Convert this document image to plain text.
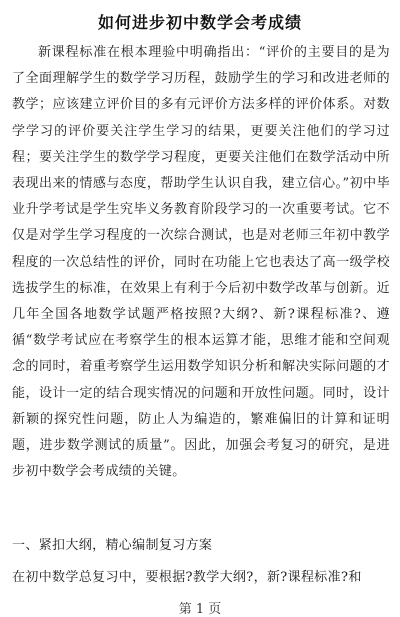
如何进步初中数学会考成绩

新课程标准在根本理验中明确指出：“评价的主要目的是为了全面理解学生的数学学习历程，鼓励学生的学习和改进老师的教学；应该建立评价目的多有元评价方法多样的评价体系。对数学学习的评价要关注学生学习的结果，更要关注他们的学习过程；要关注学生的数学学习程度，更要关注他们在数学活动中所表现出来的情感与态度，帮助学生认识自我，建立信心。”初中毕业升学考试是学生究毕义务教育阶段学习的一次重要考试。它不仅是对学生学习程度的一次综合测试，也是对老师三年初中教学程度的一次总结性的评价，同时在功能上它也表达了高一级学校选拔学生的标准，在效果上有利于今后初中数学改革与创新。近几年全国各地数学试题严格按照?大纲?、新?课程标准?、遵循“数学考试应在考察学生的根本运算才能，思维才能和空间观念的同时，着重考察学生运用数学知识分析和解决实际问题的才能，设计一定的结合现实情况的问题和开放性问题。同时，设计新颖的探究性问题，防止人为编造的，繁难偏旧的计算和证明题，进步数学测试的质量”。因此，加强会考复习的研究，是进步初中数学会考成绩的关键。

一、紧扣大纲，精心编制复习方案

在初中数学总复习中，要根据?教学大纲?，新?课程标准?和

第 1 页
